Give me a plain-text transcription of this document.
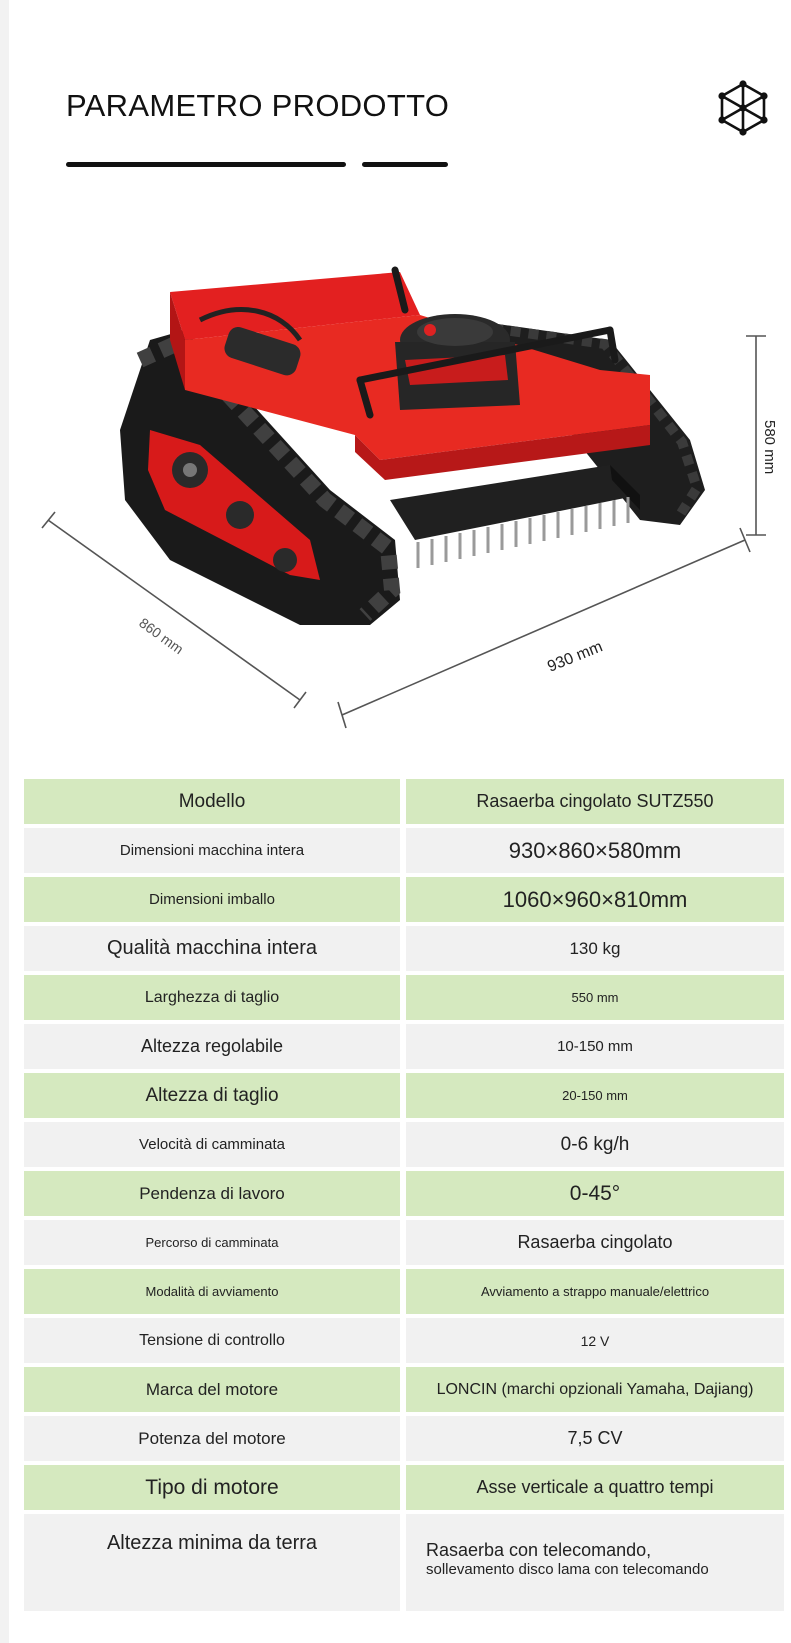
PARAMETRO PRODOTTO
580 mm
860 mm	930 mm
Modello	Rasaerba cingolato SUTZ550
Dimensioni macchina intera	930×860×580mm
Dimensioni imballo	1060×960×810mm
Qualità macchina intera	130 kg
Larghezza di taglio	550 mm
Altezza regolabile	10-150 mm
Altezza di taglio	20-150 mm
Velocità di camminata	0-6 kg/h
Pendenza di lavoro	0-45°
Percorso di camminata	Rasaerba cingolato
Modalità di avviamento	Avviamento a strappo manuale/elettrico
Tensione di controllo	12 V
Marca del motore	LONCIN (marchi opzionali Yamaha, Dajiang)
Potenza del motore	7,5 CV
Tipo di motore	Asse verticale a quattro tempi
Altezza minima da terra	Rasaerba con telecomando,
sollevamento disco lama con telecomando
